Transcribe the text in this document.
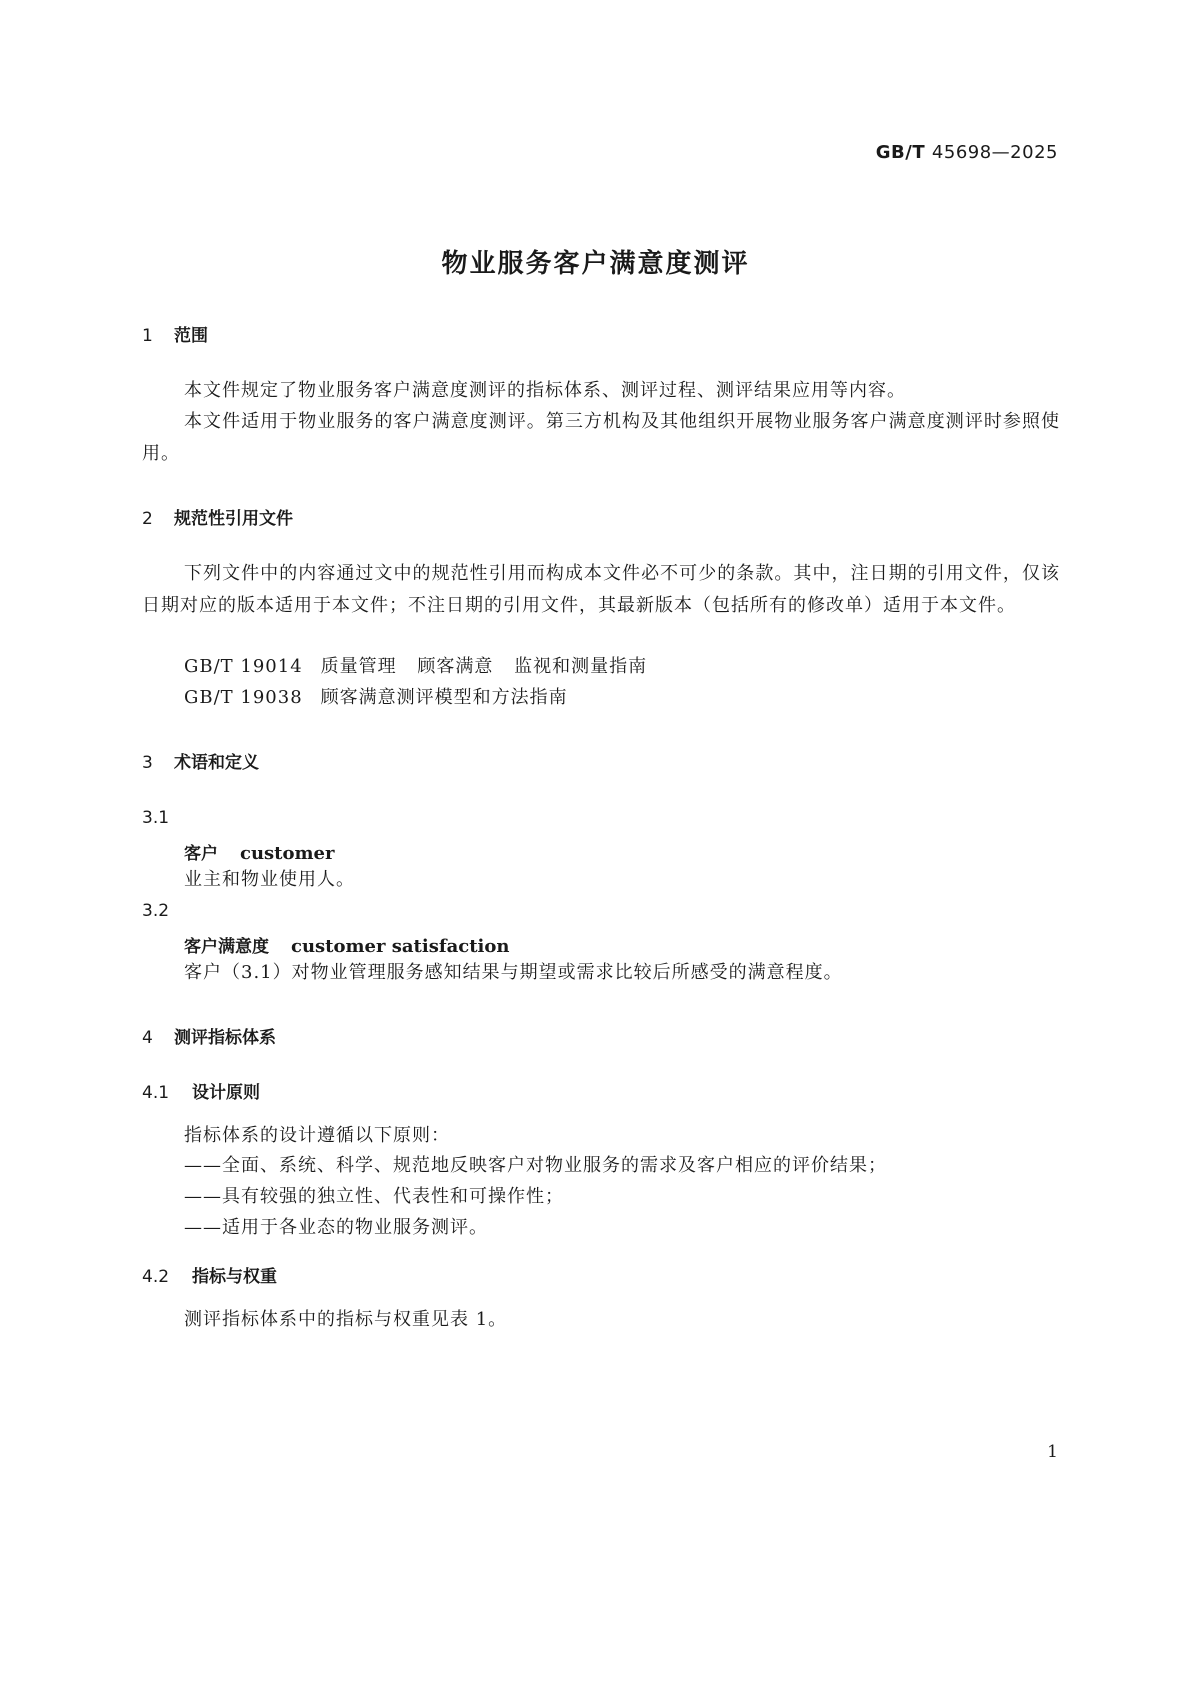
GB/T 45698—2025
物业服务客户满意度测评
1 范围
本文件规定了物业服务客户满意度测评的指标体系、测评过程、测评结果应用等内容。
本文件适用于物业服务的客户满意度测评。第三方机构及其他组织开展物业服务客户满意度测评时参照使用。
2 规范性引用文件
下列文件中的内容通过文中的规范性引用而构成本文件必不可少的条款。其中，注日期的引用文件，仅该日期对应的版本适用于本文件；不注日期的引用文件，其最新版本（包括所有的修改单）适用于本文件。
GB/T 19014 质量管理 顾客满意 监视和测量指南
GB/T 19038 顾客满意测评模型和方法指南
3 术语和定义
3.1
客户 customer
业主和物业使用人。
3.2
客户满意度 customer satisfaction
客户（3.1）对物业管理服务感知结果与期望或需求比较后所感受的满意程度。
4 测评指标体系
4.1 设计原则
指标体系的设计遵循以下原则：
——全面、系统、科学、规范地反映客户对物业服务的需求及客户相应的评价结果；
——具有较强的独立性、代表性和可操作性；
——适用于各业态的物业服务测评。
4.2 指标与权重
测评指标体系中的指标与权重见表 1。
1
